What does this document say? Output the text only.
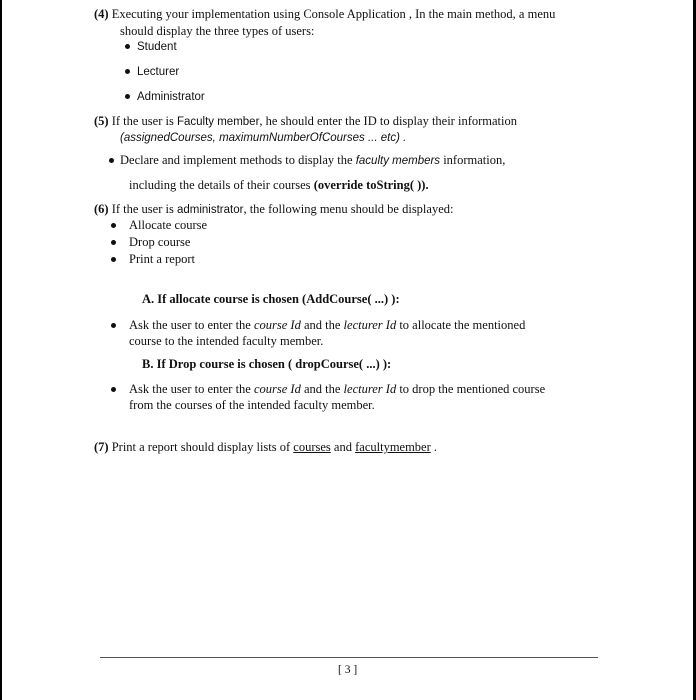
(4) Executing your implementation using Console Application , In the main method, a menu
should display the three types of users:
Student
Lecturer
Administrator
(5) If the user is Faculty member, he should enter the ID to display their information
(assignedCourses, maximumNumberOfCourses ... etc) .
Declare and implement methods to display the faculty members information,
including the details of their courses (override toString( )).
(6) If the user is administrator, the following menu should be displayed:
Allocate course
Drop course
Print a report
A. If allocate course is chosen (AddCourse( ...) ):
Ask the user to enter the course Id and the lecturer Id to allocate the mentioned
course to the intended faculty member.
B. If Drop course is chosen ( dropCourse( ...) ):
Ask the user to enter the course Id and the lecturer Id to drop the mentioned course
from the courses of the intended faculty member.
(7) Print a report should display lists of courses and facultymember .
[ 3 ]
